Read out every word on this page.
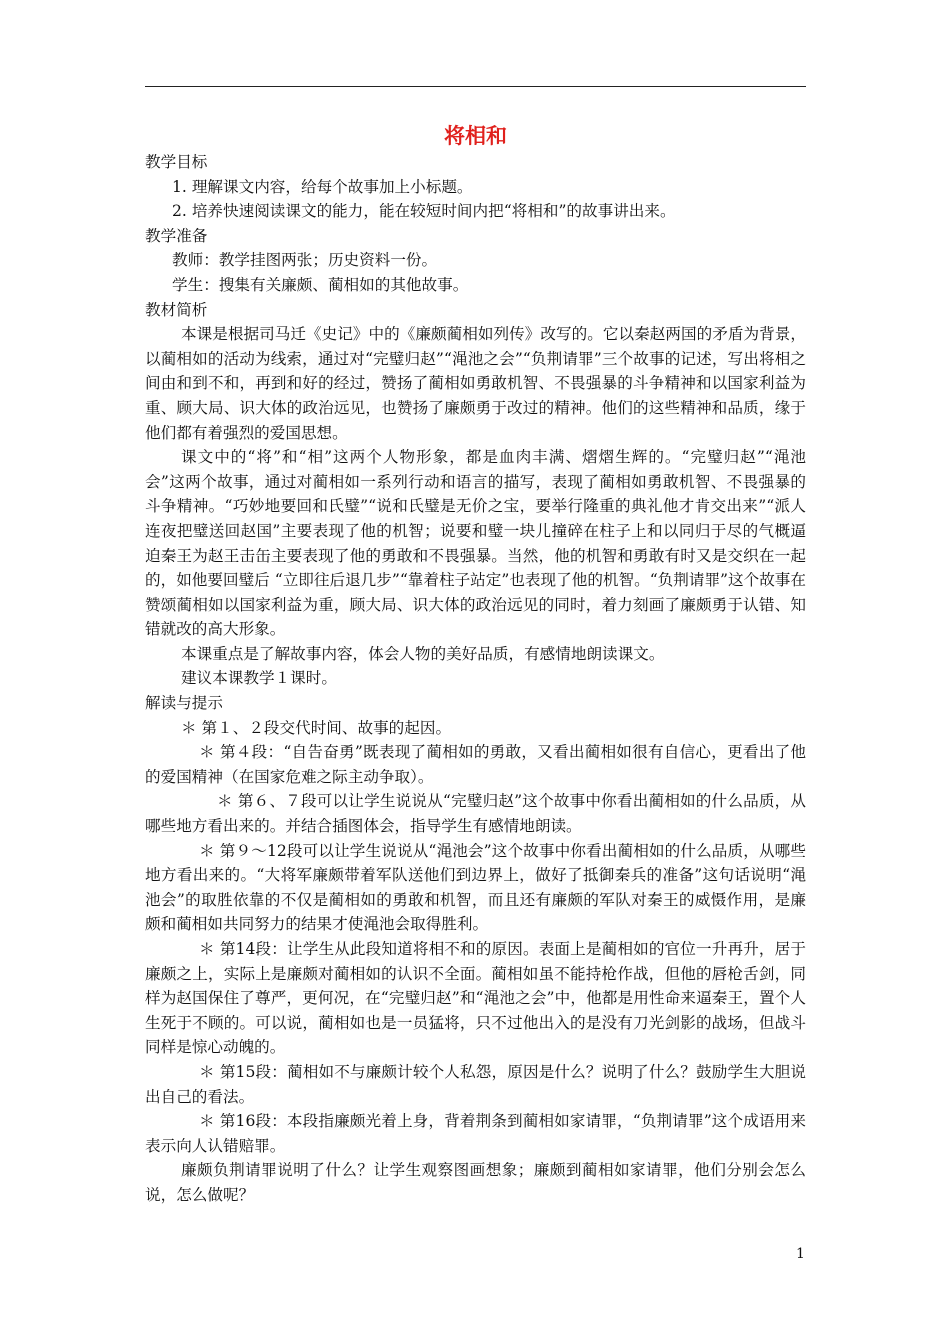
将相和
教学目标
1. 理解课文内容，给每个故事加上小标题。
2. 培养快速阅读课文的能力，能在较短时间内把“将相和”的故事讲出来。
教学准备
教师：教学挂图两张；历史资料一份。
学生：搜集有关廉颇、蔺相如的其他故事。
教材简析
本课是根据司马迁《史记》中的《廉颇蔺相如列传》改写的。它以秦赵两国的矛盾为背景，以蔺相如的活动为线索，通过对“完璧归赵”“渑池之会”“负荆请罪”三个故事的记述，写出将相之间由和到不和，再到和好的经过，赞扬了蔺相如勇敢机智、不畏强暴的斗争精神和以国家利益为重、顾大局、识大体的政治远见，也赞扬了廉颇勇于改过的精神。他们的这些精神和品质，缘于他们都有着强烈的爱国思想。
课文中的“将”和“相”这两个人物形象，都是血肉丰满、熠熠生辉的。“完璧归赵”“渑池会”这两个故事，通过对蔺相如一系列行动和语言的描写，表现了蔺相如勇敢机智、不畏强暴的斗争精神。“巧妙地要回和氏璧”“说和氏璧是无价之宝，要举行隆重的典礼他才肯交出来”“派人连夜把璧送回赵国”主要表现了他的机智；说要和璧一块儿撞碎在柱子上和以同归于尽的气概逼迫秦王为赵王击缶主要表现了他的勇敢和不畏强暴。当然，他的机智和勇敢有时又是交织在一起的，如他要回璧后 “立即往后退几步”“靠着柱子站定”也表现了他的机智。“负荆请罪”这个故事在赞颂蔺相如以国家利益为重，顾大局、识大体的政治远见的同时，着力刻画了廉颇勇于认错、知错就改的高大形象。
本课重点是了解故事内容，体会人物的美好品质，有感情地朗读课文。
建议本课教学１课时。
解读与提示
＊ 第１、２段交代时间、故事的起因。
＊ 第４段：“自告奋勇”既表现了蔺相如的勇敢，又看出蔺相如很有自信心，更看出了他的爱国精神（在国家危难之际主动争取）。
＊ 第６、７段可以让学生说说从“完璧归赵”这个故事中你看出蔺相如的什么品质，从哪些地方看出来的。并结合插图体会，指导学生有感情地朗读。
＊ 第９～12段可以让学生说说从“渑池会”这个故事中你看出蔺相如的什么品质，从哪些地方看出来的。“大将军廉颇带着军队送他们到边界上，做好了抵御秦兵的准备”这句话说明“渑池会”的取胜依靠的不仅是蔺相如的勇敢和机智，而且还有廉颇的军队对秦王的威慑作用，是廉颇和蔺相如共同努力的结果才使渑池会取得胜利。
＊ 第14段：让学生从此段知道将相不和的原因。表面上是蔺相如的官位一升再升，居于廉颇之上，实际上是廉颇对蔺相如的认识不全面。蔺相如虽不能持枪作战，但他的唇枪舌剑，同样为赵国保住了尊严，更何况，在“完璧归赵”和“渑池之会”中，他都是用性命来逼秦王，置个人生死于不顾的。可以说，蔺相如也是一员猛将，只不过他出入的是没有刀光剑影的战场，但战斗同样是惊心动魄的。
＊ 第15段：蔺相如不与廉颇计较个人私怨，原因是什么？说明了什么？鼓励学生大胆说出自己的看法。
＊ 第16段：本段指廉颇光着上身，背着荆条到蔺相如家请罪，“负荆请罪”这个成语用来表示向人认错赔罪。
廉颇负荆请罪说明了什么？让学生观察图画想象；廉颇到蔺相如家请罪，他们分别会怎么说，怎么做呢？
1
